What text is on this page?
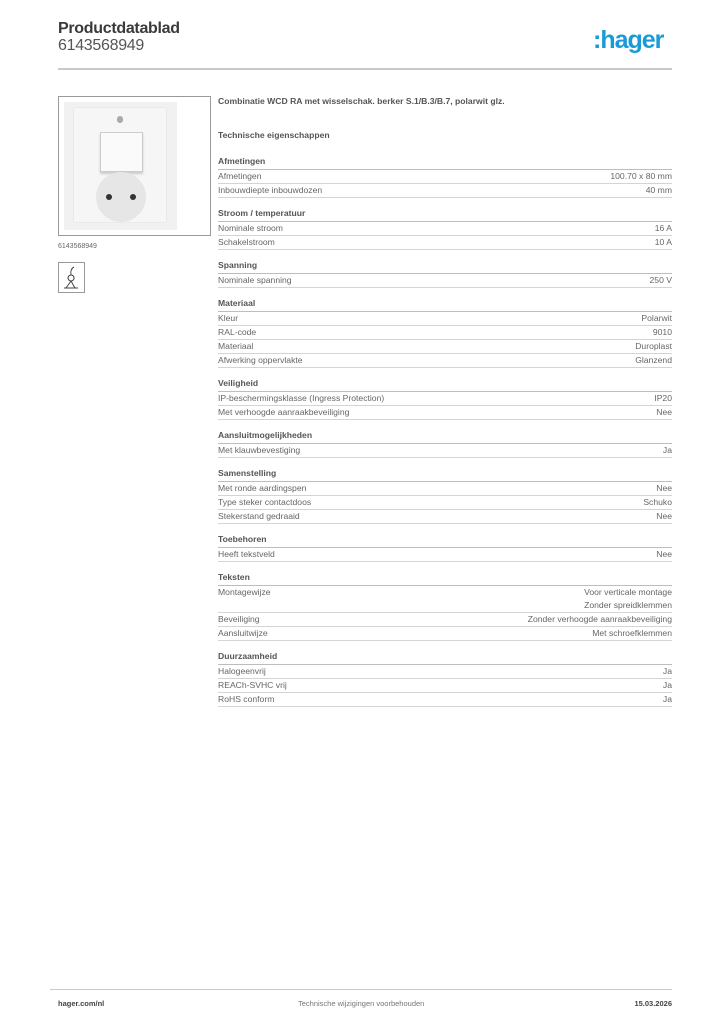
Productdatablad
6143568949	:hager
6143568949
Combinatie WCD RA met wisselschak. berker S.1/B.3/B.7, polarwit glz.
Technische eigenschappen
Afmetingen
Afmetingen	100.70 x 80 mm
Inbouwdiepte inbouwdozen	40 mm
Stroom / temperatuur
Nominale stroom	16 A
Schakelstroom	10 A
Spanning
Nominale spanning	250 V
Materiaal
Kleur	Polarwit
RAL-code	9010
Materiaal	Duroplast
Afwerking oppervlakte	Glanzend
Veiligheid
IP-beschermingsklasse (Ingress Protection)	IP20
Met verhoogde aanraakbeveiliging	Nee
Aansluitmogelijkheden
Met klauwbevestiging	Ja
Samenstelling
Met ronde aardingspen	Nee
Type steker contactdoos	Schuko
Stekerstand gedraaid	Nee
Toebehoren
Heeft tekstveld	Nee
Teksten
Montagewijze	Voor verticale montage
Zonder spreidklemmen
Beveiliging	Zonder verhoogde aanraakbeveiliging
Aansluitwijze	Met schroefklemmen
Duurzaamheid
Halogeenvrij	Ja
REACh-SVHC vrij	Ja
RoHS conform	Ja
hager.com/nl	Technische wijzigingen voorbehouden	15.03.2026
